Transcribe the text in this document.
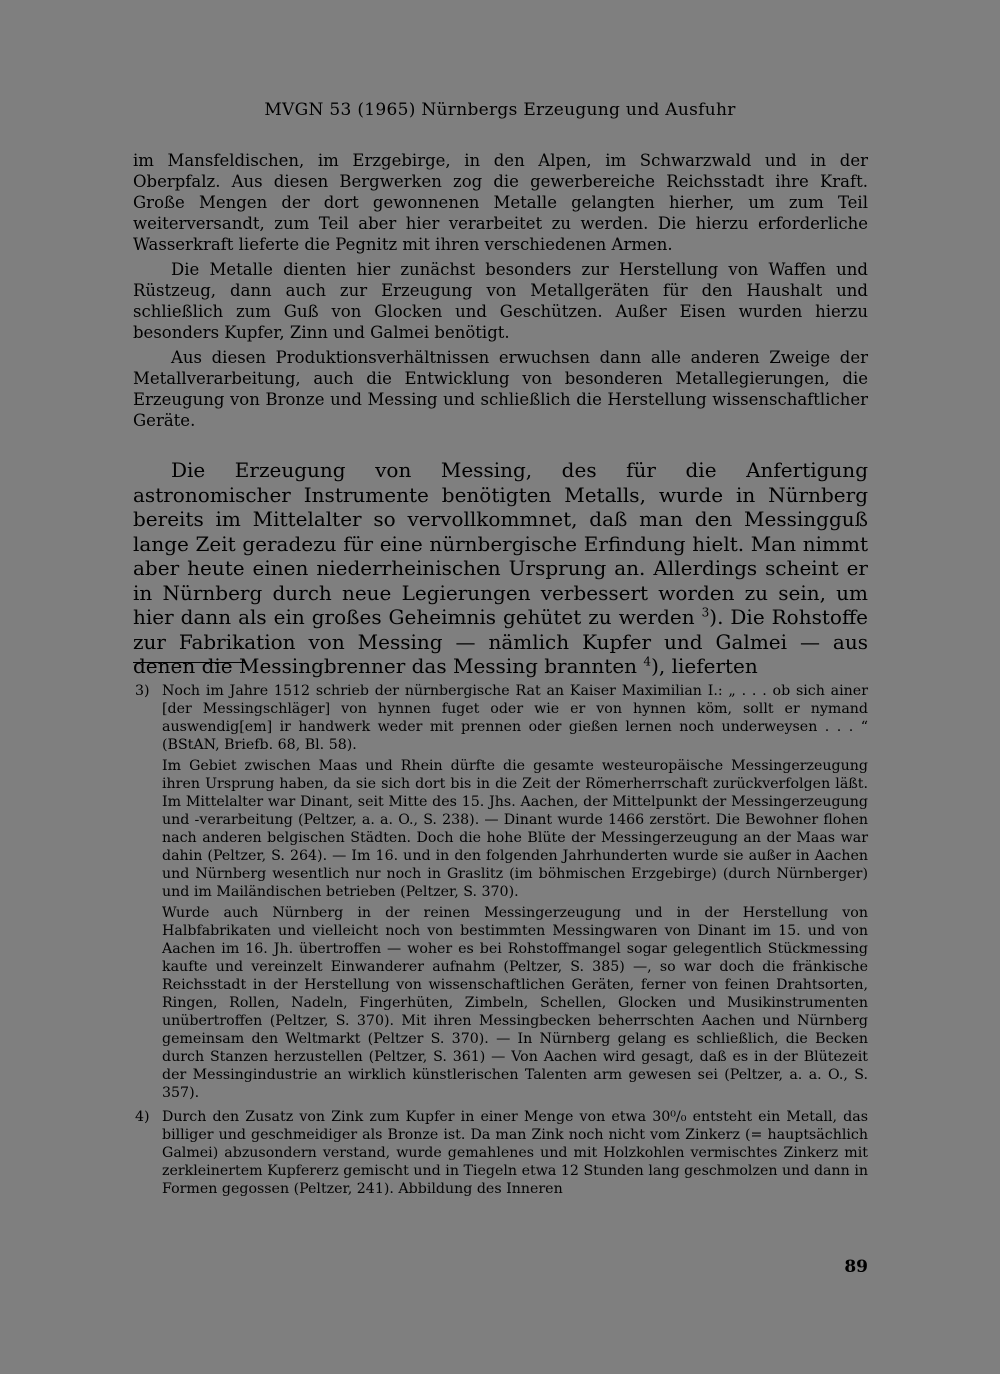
MVGN 53 (1965) Nürnbergs Erzeugung und Ausfuhr

im Mansfeldischen, im Erzgebirge, in den Alpen, im Schwarzwald und in der Oberpfalz. Aus diesen Bergwerken zog die gewerbereiche Reichsstadt ihre Kraft. Große Mengen der dort gewonnenen Metalle gelangten hierher, um zum Teil weiterversandt, zum Teil aber hier verarbeitet zu werden. Die hierzu erforderliche Wasserkraft lieferte die Pegnitz mit ihren verschiedenen Armen.

Die Metalle dienten hier zunächst besonders zur Herstellung von Waffen und Rüstzeug, dann auch zur Erzeugung von Metallgeräten für den Haushalt und schließlich zum Guß von Glocken und Geschützen. Außer Eisen wurden hierzu besonders Kupfer, Zinn und Galmei benötigt.

Aus diesen Produktionsverhältnissen erwuchsen dann alle anderen Zweige der Metallverarbeitung, auch die Entwicklung von besonderen Metallegierungen, die Erzeugung von Bronze und Messing und schließlich die Herstellung wissenschaftlicher Geräte.

Die Erzeugung von Messing, des für die Anfertigung astronomischer Instrumente benötigten Metalls, wurde in Nürnberg bereits im Mittelalter so vervollkommnet, daß man den Messingguß lange Zeit geradezu für eine nürnbergische Erfindung hielt. Man nimmt aber heute einen niederrheinischen Ursprung an. Allerdings scheint er in Nürnberg durch neue Legierungen verbessert worden zu sein, um hier dann als ein großes Geheimnis gehütet zu werden $^3$). Die Rohstoffe zur Fabrikation von Messing — nämlich Kupfer und Galmei — aus denen die Messingbrenner das Messing brannten $^4$), lieferten

3) Noch im Jahre 1512 schrieb der nürnbergische Rat an Kaiser Maximilian I.: „ . . . ob sich ainer [der Messingschläger] von hynnen fuget oder wie er von hynnen köm, sollt er nymand auswendig[em] ir handwerk weder mit prennen oder gießen lernen noch underweysen . . . “ (BStAN, Briefb. 68, Bl. 58).

Im Gebiet zwischen Maas und Rhein dürfte die gesamte westeuropäische Messingerzeugung ihren Ursprung haben, da sie sich dort bis in die Zeit der Römerherrschaft zurückverfolgen läßt. Im Mittelalter war Dinant, seit Mitte des 15. Jhs. Aachen, der Mittelpunkt der Messingerzeugung und -verarbeitung (Peltzer, a. a. O., S. 238). — Dinant wurde 1466 zerstört. Die Bewohner flohen nach anderen belgischen Städten. Doch die hohe Blüte der Messingerzeugung an der Maas war dahin (Peltzer, S. 264). — Im 16. und in den folgenden Jahrhunderten wurde sie außer in Aachen und Nürnberg wesentlich nur noch in Graslitz (im böhmischen Erzgebirge) (durch Nürnberger) und im Mailändischen betrieben (Peltzer, S. 370).

Wurde auch Nürnberg in der reinen Messingerzeugung und in der Herstellung von Halbfabrikaten und vielleicht noch von bestimmten Messingwaren von Dinant im 15. und von Aachen im 16. Jh. übertroffen — woher es bei Rohstoffmangel sogar gelegentlich Stückmessing kaufte und vereinzelt Einwanderer aufnahm (Peltzer, S. 385) —, so war doch die fränkische Reichsstadt in der Herstellung von wissenschaftlichen Geräten, ferner von feinen Drahtsorten, Ringen, Rollen, Nadeln, Fingerhüten, Zimbeln, Schellen, Glocken und Musikinstrumenten unübertroffen (Peltzer, S. 370). Mit ihren Messingbecken beherrschten Aachen und Nürnberg gemeinsam den Weltmarkt (Peltzer S. 370). — In Nürnberg gelang es schließlich, die Becken durch Stanzen herzustellen (Peltzer, S. 361) — Von Aachen wird gesagt, daß es in der Blütezeit der Messingindustrie an wirklich künstlerischen Talenten arm gewesen sei (Peltzer, a. a. O., S. 357).

4) Durch den Zusatz von Zink zum Kupfer in einer Menge von etwa 30⁰/₀ entsteht ein Metall, das billiger und geschmeidiger als Bronze ist. Da man Zink noch nicht vom Zinkerz (= hauptsächlich Galmei) abzusondern verstand, wurde gemahlenes und mit Holzkohlen vermischtes Zinkerz mit zerkleinertem Kupfererz gemischt und in Tiegeln etwa 12 Stunden lang geschmolzen und dann in Formen gegossen (Peltzer, 241). Abbildung des Inneren

89
